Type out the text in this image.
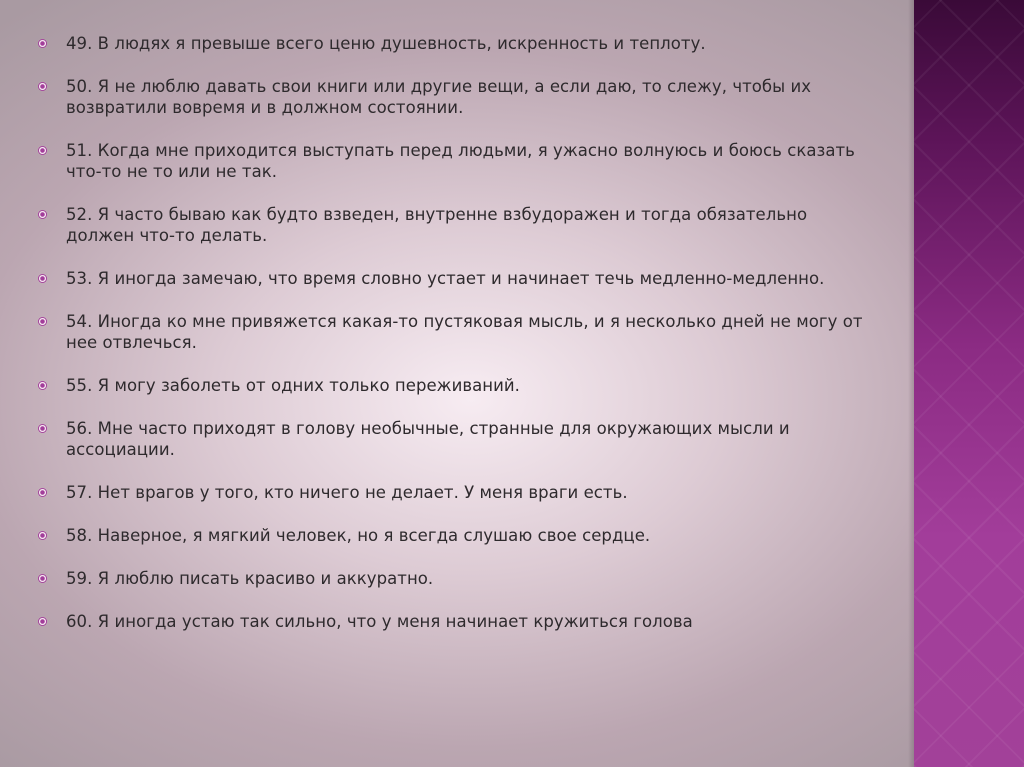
49. В людях я превыше всего ценю душевность, искренность и теплоту.
50. Я не люблю давать свои книги или другие вещи, а если даю, то слежу, чтобы их возвратили вовремя и в должном состоянии.
51. Когда мне приходится выступать перед людьми, я ужасно волнуюсь и боюсь сказать что-то не то или не так.
52. Я часто бываю как будто взведен, внутренне взбудоражен и тогда обязательно должен что-то делать.
53. Я иногда замечаю, что время словно устает и начинает течь медленно-медленно.
54. Иногда ко мне привяжется какая-то пустяковая мысль, и я несколько дней не могу от нее отвлечься.
55. Я могу заболеть от одних только переживаний.
56. Мне часто приходят в голову необычные, странные для окружающих мысли и ассоциации.
57. Нет врагов у того, кто ничего не делает. У меня враги есть.
58. Наверное, я мягкий человек, но я всегда слушаю свое сердце.
59. Я люблю писать красиво и аккуратно.
60. Я иногда устаю так сильно, что у меня начинает кружиться голова
